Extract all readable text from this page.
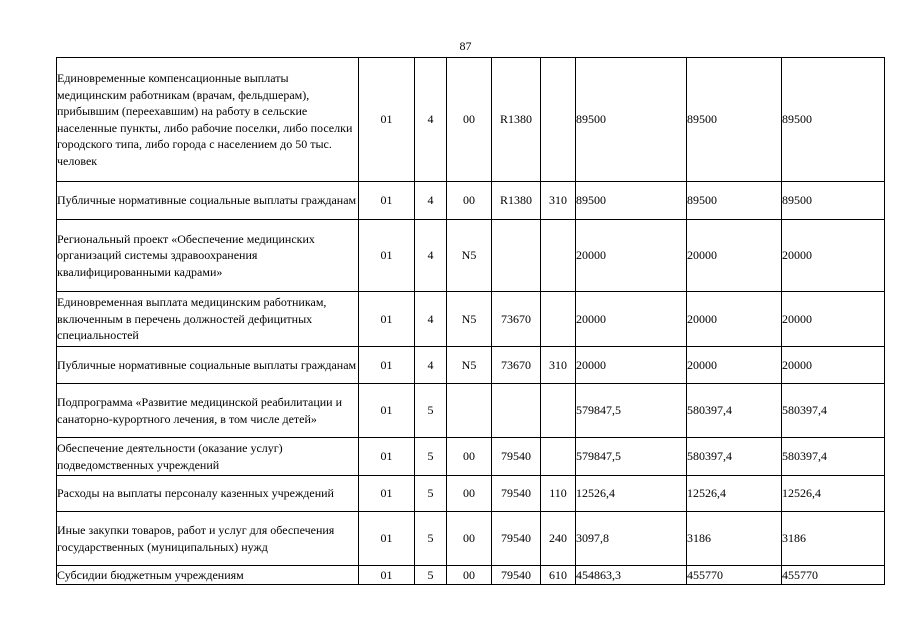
87
Единовременные компенсационные выплаты медицинским работникам (врачам, фельдшерам), прибывшим (переехавшим) на работу в сельские населенные пункты, либо рабочие поселки, либо поселки городского типа, либо города с населением до 50 тыс. человек	01	4	00	R1380		89500	89500	89500
Публичные нормативные социальные выплаты гражданам	01	4	00	R1380	310	89500	89500	89500
Региональный проект «Обеспечение медицинских организаций системы здравоохранения квалифицированными кадрами»	01	4	N5			20000	20000	20000
Единовременная выплата медицинским работникам, включенным в перечень должностей дефицитных специальностей	01	4	N5	73670		20000	20000	20000
Публичные нормативные социальные выплаты гражданам	01	4	N5	73670	310	20000	20000	20000
Подпрограмма «Развитие медицинской реабилитации и санаторно-курортного лечения, в том числе детей»	01	5				579847,5	580397,4	580397,4
Обеспечение деятельности (оказание услуг) подведомственных учреждений	01	5	00	79540		579847,5	580397,4	580397,4
Расходы на выплаты персоналу казенных учреждений	01	5	00	79540	110	12526,4	12526,4	12526,4
Иные закупки товаров, работ и услуг для обеспечения государственных (муниципальных) нужд	01	5	00	79540	240	3097,8	3186	3186
Субсидии бюджетным учреждениям	01	5	00	79540	610	454863,3	455770	455770
